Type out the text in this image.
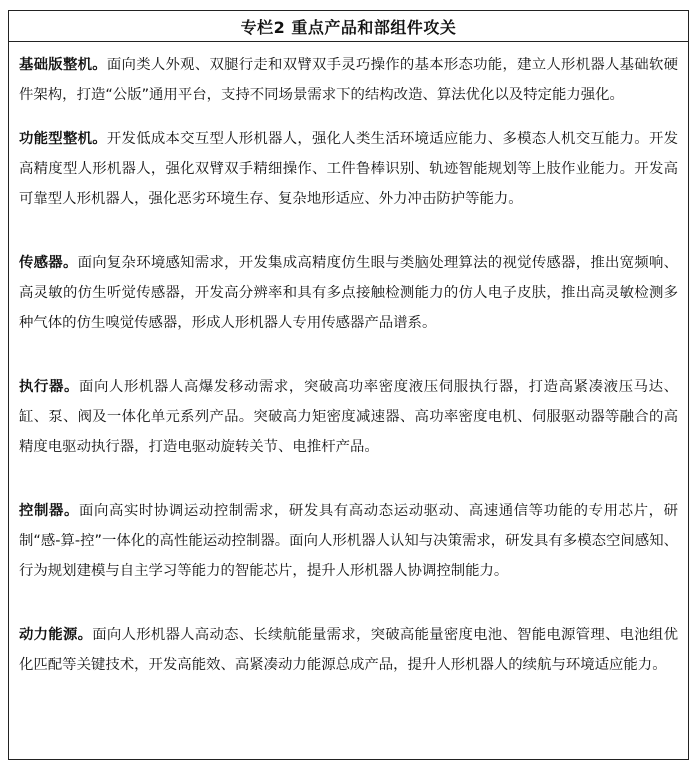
专栏2 重点产品和部组件攻关

基础版整机。面向类人外观、双腿行走和双臂双手灵巧操作的基本形态功能，建立人形机器人基础软硬件架构，打造“公版”通用平台，支持不同场景需求下的结构改造、算法优化以及特定能力强化。

功能型整机。开发低成本交互型人形机器人，强化人类生活环境适应能力、多模态人机交互能力。开发高精度型人形机器人，强化双臂双手精细操作、工件鲁棒识别、轨迹智能规划等上肢作业能力。开发高可靠型人形机器人，强化恶劣环境生存、复杂地形适应、外力冲击防护等能力。

传感器。面向复杂环境感知需求，开发集成高精度仿生眼与类脑处理算法的视觉传感器，推出宽频响、高灵敏的仿生听觉传感器，开发高分辨率和具有多点接触检测能力的仿人电子皮肤，推出高灵敏检测多种气体的仿生嗅觉传感器，形成人形机器人专用传感器产品谱系。

执行器。面向人形机器人高爆发移动需求，突破高功率密度液压伺服执行器，打造高紧凑液压马达、缸、泵、阀及一体化单元系列产品。突破高力矩密度减速器、高功率密度电机、伺服驱动器等融合的高精度电驱动执行器，打造电驱动旋转关节、电推杆产品。

控制器。面向高实时协调运动控制需求，研发具有高动态运动驱动、高速通信等功能的专用芯片，研制“感-算-控”一体化的高性能运动控制器。面向人形机器人认知与决策需求，研发具有多模态空间感知、行为规划建模与自主学习等能力的智能芯片，提升人形机器人协调控制能力。

动力能源。面向人形机器人高动态、长续航能量需求，突破高能量密度电池、智能电源管理、电池组优化匹配等关键技术，开发高能效、高紧凑动力能源总成产品，提升人形机器人的续航与环境适应能力。
